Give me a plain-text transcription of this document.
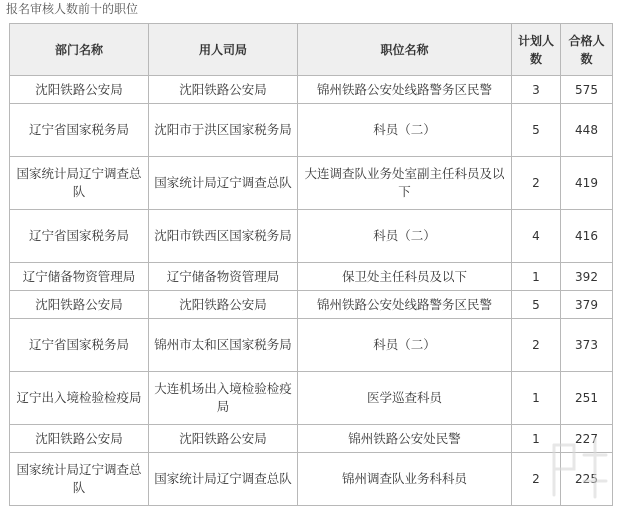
报名审核人数前十的职位
部门名称	用人司局	职位名称	计划人数	合格人数
沈阳铁路公安局	沈阳铁路公安局	锦州铁路公安处线路警务区民警	3	575
辽宁省国家税务局	沈阳市于洪区国家税务局	科员（二）	5	448
国家统计局辽宁调查总队	国家统计局辽宁调查总队	大连调查队业务处室副主任科员及以下	2	419
辽宁省国家税务局	沈阳市铁西区国家税务局	科员（二）	4	416
辽宁储备物资管理局	辽宁储备物资管理局	保卫处主任科员及以下	1	392
沈阳铁路公安局	沈阳铁路公安局	锦州铁路公安处线路警务区民警	5	379
辽宁省国家税务局	锦州市太和区国家税务局	科员（二）	2	373
辽宁出入境检验检疫局	大连机场出入境检验检疫局	医学巡查科员	1	251
沈阳铁路公安局	沈阳铁路公安局	锦州铁路公安处民警	1	227
国家统计局辽宁调查总队	国家统计局辽宁调查总队	锦州调查队业务科科员	2	225
